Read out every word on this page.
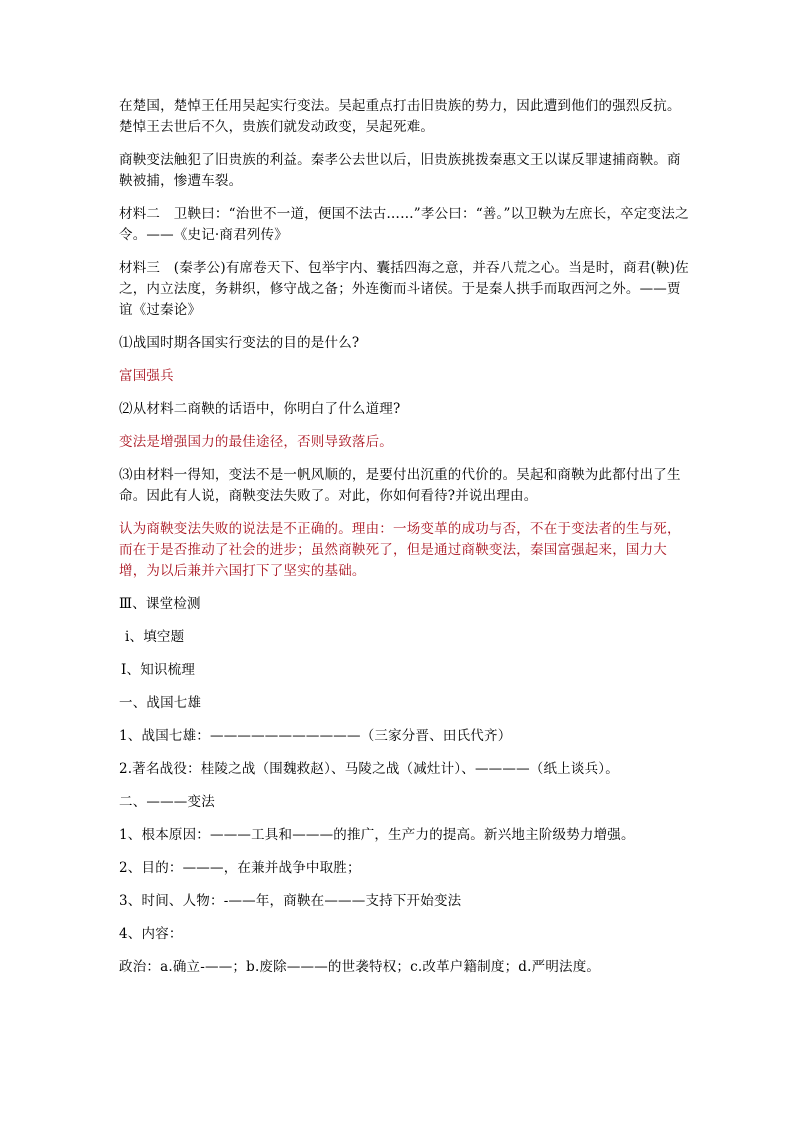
在楚国，楚悼王任用吴起实行变法。吴起重点打击旧贵族的势力，因此遭到他们的强烈反抗。楚悼王去世后不久，贵族们就发动政变，吴起死难。

商鞅变法触犯了旧贵族的利益。秦孝公去世以后，旧贵族挑拨秦惠文王以谋反罪逮捕商鞅。商鞅被捕，惨遭车裂。

材料二　卫鞅曰：“治世不一道，便国不法古……”孝公曰：“善。”以卫鞅为左庶长，卒定变法之令。——《史记·商君列传》

材料三　(秦孝公)有席卷天下、包举宇内、囊括四海之意，并吞八荒之心。当是时，商君(鞅)佐之，内立法度，务耕织，修守战之备；外连衡而斗诸侯。于是秦人拱手而取西河之外。——贾谊《过秦论》

⑴战国时期各国实行变法的目的是什么?

富国强兵

⑵从材料二商鞅的话语中，你明白了什么道理?

变法是增强国力的最佳途径，否则导致落后。

⑶由材料一得知，变法不是一帆风顺的，是要付出沉重的代价的。吴起和商鞅为此都付出了生命。因此有人说，商鞅变法失败了。对此，你如何看待?并说出理由。

认为商鞅变法失败的说法是不正确的。理由：一场变革的成功与否，不在于变法者的生与死，而在于是否推动了社会的进步；虽然商鞅死了，但是通过商鞅变法，秦国富强起来，国力大增，为以后兼并六国打下了坚实的基础。

Ⅲ、课堂检测

ⅰ、填空题

Ⅰ、知识梳理

一、战国七雄

1、战国七雄：———————————（三家分晋、田氏代齐）

2.著名战役：桂陵之战（围魏救赵）、马陵之战（减灶计）、————（纸上谈兵）。

二、———变法

1、根本原因：———工具和———的推广，生产力的提高。新兴地主阶级势力增强。

2、目的：———，在兼并战争中取胜；

3、时间、人物：-——年，商鞅在———支持下开始变法

4、内容：

政治：a.确立-——；b.废除———的世袭特权；c.改革户籍制度；d.严明法度。
